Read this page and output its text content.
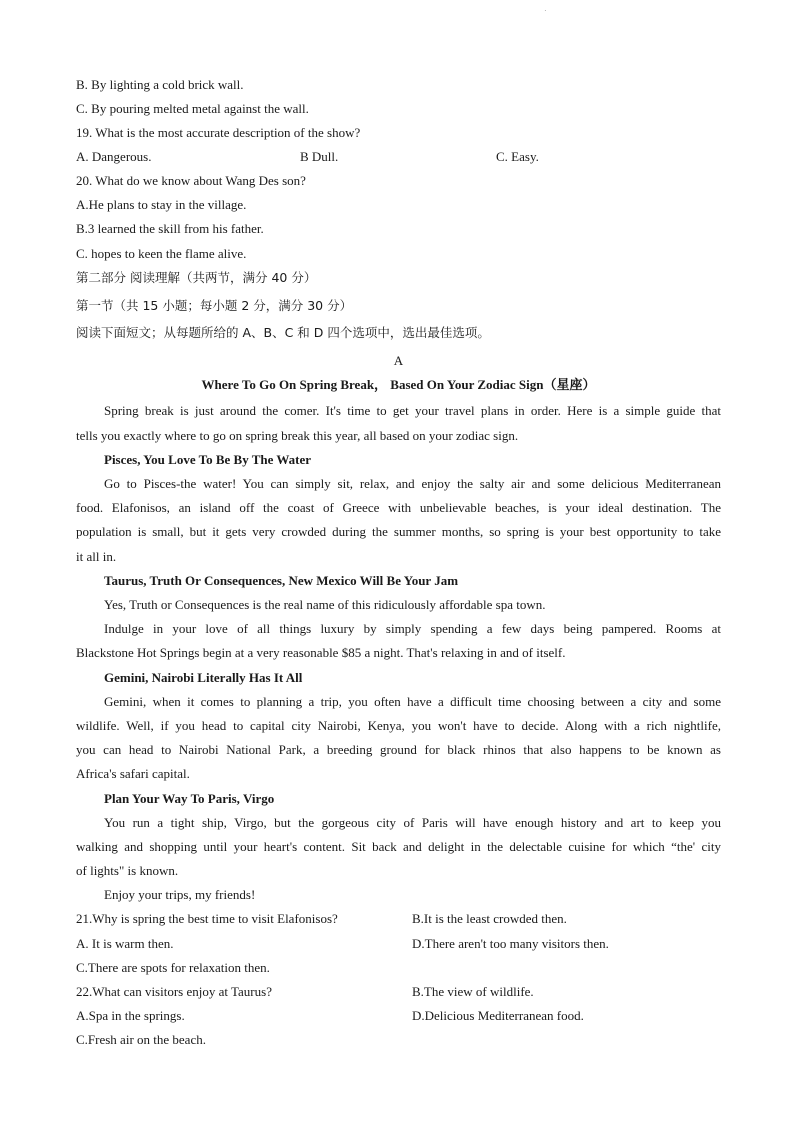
·
B. By lighting a cold brick wall.
C. By pouring melted metal against the wall.
19. What is the most accurate description of the show?
A. Dangerous.	B Dull.	C. Easy.
20. What do we know about Wang Des son?
A.He plans to stay in the village.
B.3 learned the skill from his father.
C. hopes to keen the flame alive.
第二部分 阅读理解（共两节，满分 40 分）
第一节（共 15 小题；每小题 2 分，满分 30 分）
阅读下面短文；从每题所给的 A、B、C 和 D 四个选项中，选出最佳选项。
A
Where To Go On Spring Break， Based On Your Zodiac Sign（星座）
Spring break is just around the comer. It's time to get your travel plans in order. Here is a simple guide that
tells you exactly where to go on spring break this year, all based on your zodiac sign.
Pisces, You Love To Be By The Water
Go to Pisces-the water! You can simply sit, relax, and enjoy the salty air and some delicious Mediterranean
food. Elafonisos, an island off the coast of Greece with unbelievable beaches, is your ideal destination. The
population is small, but it gets very crowded during the summer months, so spring is your best opportunity to take
it all in.
Taurus, Truth Or Consequences, New Mexico Will Be Your Jam
Yes, Truth or Consequences is the real name of this ridiculously affordable spa town.
Indulge in your love of all things luxury by simply spending a few days being pampered. Rooms at
Blackstone Hot Springs begin at a very reasonable $85 a night. That's relaxing in and of itself.
Gemini, Nairobi Literally Has It All
Gemini, when it comes to planning a trip, you often have a difficult time choosing between a city and some
wildlife. Well, if you head to capital city Nairobi, Kenya, you won't have to decide. Along with a rich nightlife,
you can head to Nairobi National Park, a breeding ground for black rhinos that also happens to be known as
Africa's safari capital.
Plan Your Way To Paris, Virgo
You run a tight ship, Virgo, but the gorgeous city of Paris will have enough history and art to keep you
walking and shopping until your heart's content. Sit back and delight in the delectable cuisine for which “the' city
of lights" is known.
Enjoy your trips, my friends!
21.Why is spring the best time to visit Elafonisos?	B.It is the least crowded then.
A. It is warm then.	D.There aren't too many visitors then.
C.There are spots for relaxation then.
22.What can visitors enjoy at Taurus?	B.The view of wildlife.
A.Spa in the springs.	D.Delicious Mediterranean food.
C.Fresh air on the beach.
